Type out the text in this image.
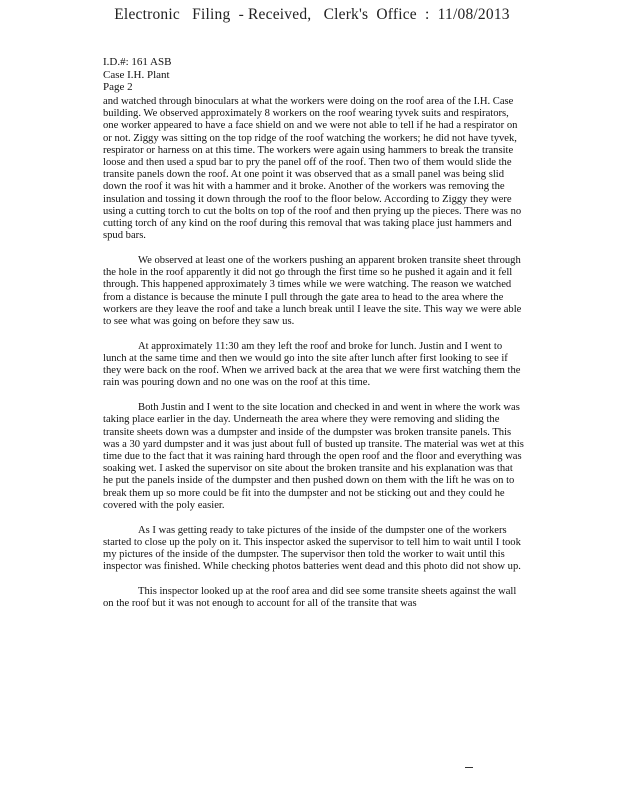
Electronic   Filing  - Received,   Clerk's  Office  :  11/08/2013
I.D.#: 161 ASB
Case I.H. Plant
Page 2

and watched through binoculars at what the workers were doing on the roof area of the I.H. Case building. We observed approximately 8 workers on the roof wearing tyvek suits and respirators, one worker appeared to have a face shield on and we were not able to tell if he had a respirator on or not. Ziggy was sitting on the top ridge of the roof watching the workers; he did not have tyvek, respirator or harness on at this time. The workers were again using hammers to break the transite loose and then used a spud bar to pry the panel off of the roof. Then two of them would slide the transite panels down the roof. At one point it was observed that as a small panel was being slid down the roof it was hit with a hammer and it broke. Another of the workers was removing the insulation and tossing it down through the roof to the floor below. According to Ziggy they were using a cutting torch to cut the bolts on top of the roof and then prying up the pieces. There was no cutting torch of any kind on the roof during this removal that was taking place just hammers and spud bars.

We observed at least one of the workers pushing an apparent broken transite sheet through the hole in the roof apparently it did not go through the first time so he pushed it again and it fell through. This happened approximately 3 times while we were watching. The reason we watched from a distance is because the minute I pull through the gate area to head to the area where the workers are they leave the roof and take a lunch break until I leave the site. This way we were able to see what was going on before they saw us.

At approximately 11:30 am they left the roof and broke for lunch. Justin and I went to lunch at the same time and then we would go into the site after lunch after first looking to see if they were back on the roof. When we arrived back at the area that we were first watching them the rain was pouring down and no one was on the roof at this time.

Both Justin and I went to the site location and checked in and went in where the work was taking place earlier in the day. Underneath the area where they were removing and sliding the transite sheets down was a dumpster and inside of the dumpster was broken transite panels. This was a 30 yard dumpster and it was just about full of busted up transite. The material was wet at this time due to the fact that it was raining hard through the open roof and the floor and everything was soaking wet. I asked the supervisor on site about the broken transite and his explanation was that he put the panels inside of the dumpster and then pushed down on them with the lift he was on to break them up so more could be fit into the dumpster and not be sticking out and they could he covered with the poly easier.

As I was getting ready to take pictures of the inside of the dumpster one of the workers started to close up the poly on it. This inspector asked the supervisor to tell him to wait until I took my pictures of the inside of the dumpster. The supervisor then told the worker to wait until this inspector was finished. While checking photos batteries went dead and this photo did not show up.

This inspector looked up at the roof area and did see some transite sheets against the wall on the roof but it was not enough to account for all of the transite that was
